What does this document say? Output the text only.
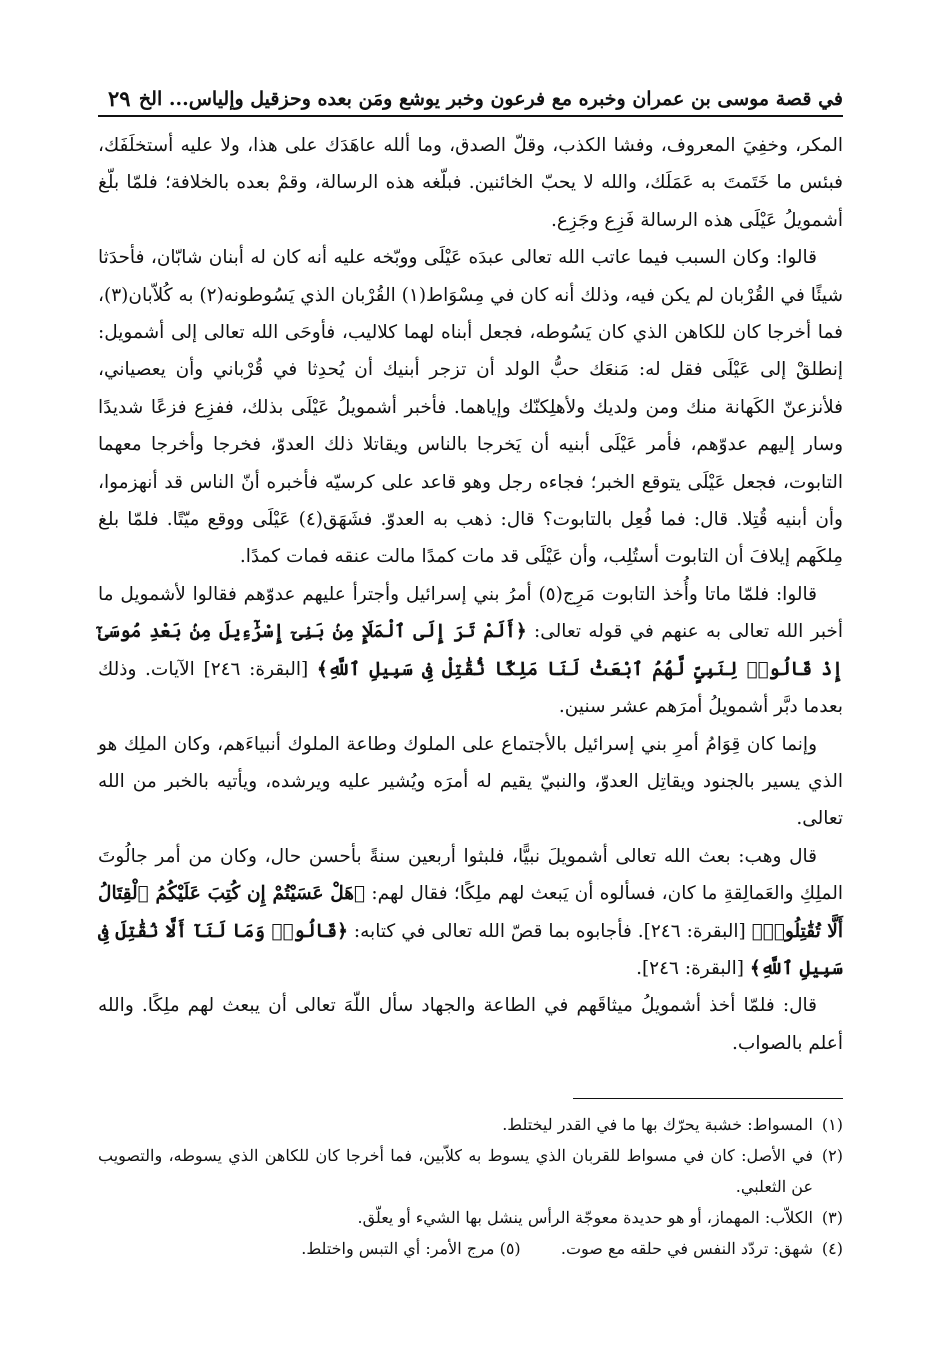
في قصة موسى بن عمران وخبره مع فرعون وخبر يوشع ومَن بعده وحزقيل وإلياس... الخ
٢٩

المكر، وخفِيَ المعروف، وفشا الكذب، وقلّ الصدق، وما ألله عاهَدَك على هذا، ولا عليه أستخلَفَك، فبئس ما خَتَمتَ به عَمَلَك، والله لا يحبّ الخائنين. فبلّغه هذه الرسالة، وقمْ بعده بالخلافة؛ فلمّا بلّغ أشمويلُ عَيْلَى هذه الرسالة فَزِع وجَزِع.

قالوا: وكان السبب فيما عاتب الله تعالى عبدَه عَيْلَى ووبّخه عليه أنه كان له أبنان شابّان، فأحدَثا شيئًا في القُرْبان لم يكن فيه، وذلك أنه كان في مِسْوَاط(١) القُرْبان الذي يَسُوطونه(٢) به كُلاّبان(٣)، فما أخرجا كان للكاهن الذي كان يَسُوطه، فجعل أبناه لهما كلاليب، فأوحَى الله تعالى إلى أشمويل: إنطلقْ إلى عَيْلَى فقل له: مَنعَك حبُّ الولد أن تزجر أبنيك أن يُحدِثا في قُرْباني وأن يعصياني، فلأنزعنّ الكَهانة منك ومن ولديك ولأهلِكنّك وإياهما. فأخبر أشمويلُ عَيْلَى بذلك، ففزِع فزعًا شديدًا وسار إليهم عدوّهم، فأمر عَيْلَى أبنيه أن يَخرجا بالناس ويقاتلا ذلك العدوّ، فخرجا وأخرجا معهما التابوت، فجعل عَيْلَى يتوقع الخبر؛ فجاءه رجل وهو قاعد على كرسيّه فأخبره أنّ الناس قد أنهزموا، وأن أبنيه قُتِلا. قال: فما فُعِل بالتابوت؟ قال: ذهب به العدوّ. فشَهَق(٤) عَيْلَى ووقع ميّتًا. فلمّا بلغ مِلكَهم إيلافَ أن التابوت أستُلِب، وأن عَيْلَى قد مات كمدًا مالت عنقه فمات كمدًا.

قالوا: فلمّا ماتا وأُخذ التابوت مَرِج(٥) أمرُ بني إسرائيل وأجترأ عليهم عدوّهم فقالوا لأشمويل ما أخبر الله تعالى به عنهم في قوله تعالى: ﴿أَلَمْ تَرَ إِلَى ٱلْمَلَإِ مِنۢ بَنِىٓ إِسْرَٰٓءِيلَ مِنۢ بَعْدِ مُوسَىٰٓ إِذْ قَالُوا۟ لِنَبِىٍّ لَّهُمُ ٱبْعَثْ لَنَا مَلِكًا نُّقَٰتِلْ فِى سَبِيلِ ٱللَّهِ﴾ [البقرة: ٢٤٦] الآيات. وذلك بعدما دبَّر أشمويلُ أمرَهم عشر سنين.

وإنما كان قِوَامُ أمرِ بني إسرائيل بالأجتماع على الملوك وطاعة الملوك أنبياءَهم، وكان الملِك هو الذي يسير بالجنود ويقاتِل العدوّ، والنبيّ يقيم له أمرَه ويُشير عليه ويرشده، ويأتيه بالخبر من الله تعالى.

قال وهب: بعث الله تعالى أشمويلَ نبيًّا، فلبثوا أربعين سنةً بأحسن حال، وكان من أمر جالُوتَ الملِكِ والعَمالِقةِ ما كان، فسألوه أن يَبعث لهم ملِكًا؛ فقال لهم: ﴿هَلْ عَسَيْتُمْ إِن كُتِبَ عَلَيْكُمُ ٱلْقِتَالُ أَلَّا تُقَٰتِلُوا۟﴾ [البقرة: ٢٤٦]. فأجابوه بما قصّ الله تعالى في كتابه: ﴿قَالُوا۟ وَمَا لَنَآ أَلَّا نُقَٰتِلَ فِى سَبِيلِ ٱللَّهِ﴾ [البقرة: ٢٤٦].

قال: فلمّا أخذ أشمويلُ ميثاقَهم في الطاعة والجهاد سأل اللّهَ تعالى أن يبعث لهم ملِكًا. والله أعلم بالصواب.

(١)
المسواط: خشبة يحرّك بها ما في القدر ليختلط.
(٢)
في الأصل: كان في مسواط للقربان الذي يسوط به كلاّبين، فما أخرجا كان للكاهن الذي يسوطه، والتصويب عن الثعلبي.
(٣)
الكلاّب: المهماز، أو هو حديدة معوجّة الرأس ينشل بها الشيء أو يعلّق.
(٤)
شهق: تردّد النفس في حلقه مع صوت.  (٥) مرج الأمر: أي التبس واختلط.
